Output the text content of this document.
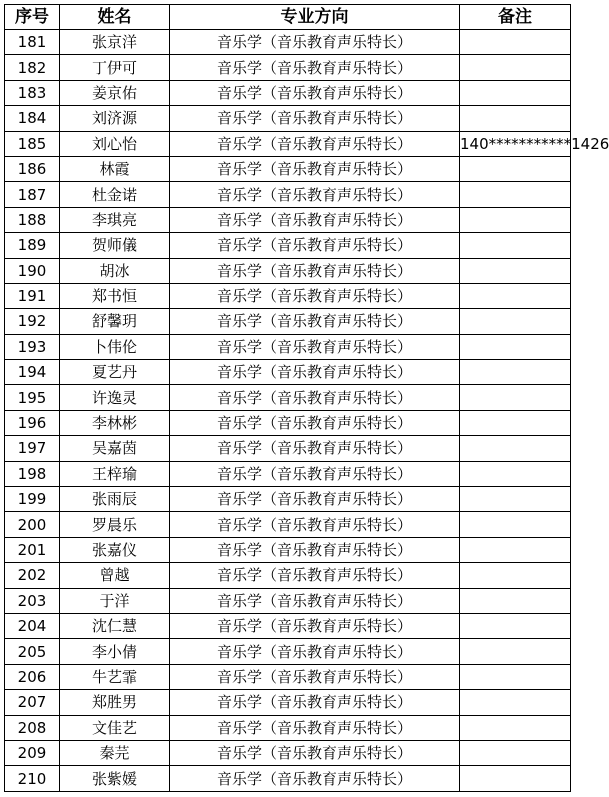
序号	姓名	专业方向	备注
181	张京洋	音乐学（音乐教育声乐特长）	
182	丁伊可	音乐学（音乐教育声乐特长）	
183	姜京佑	音乐学（音乐教育声乐特长）	
184	刘济源	音乐学（音乐教育声乐特长）	
185	刘心怡	音乐学（音乐教育声乐特长）	140***********1426
186	林霞	音乐学（音乐教育声乐特长）	
187	杜金诺	音乐学（音乐教育声乐特长）	
188	李琪亮	音乐学（音乐教育声乐特长）	
189	贺师儀	音乐学（音乐教育声乐特长）	
190	胡冰	音乐学（音乐教育声乐特长）	
191	郑书恒	音乐学（音乐教育声乐特长）	
192	舒馨玥	音乐学（音乐教育声乐特长）	
193	卜伟伦	音乐学（音乐教育声乐特长）	
194	夏艺丹	音乐学（音乐教育声乐特长）	
195	许逸灵	音乐学（音乐教育声乐特长）	
196	李林彬	音乐学（音乐教育声乐特长）	
197	吴嘉茵	音乐学（音乐教育声乐特长）	
198	王梓瑜	音乐学（音乐教育声乐特长）	
199	张雨辰	音乐学（音乐教育声乐特长）	
200	罗晨乐	音乐学（音乐教育声乐特长）	
201	张嘉仪	音乐学（音乐教育声乐特长）	
202	曾越	音乐学（音乐教育声乐特长）	
203	于洋	音乐学（音乐教育声乐特长）	
204	沈仁慧	音乐学（音乐教育声乐特长）	
205	李小倩	音乐学（音乐教育声乐特长）	
206	牛艺霏	音乐学（音乐教育声乐特长）	
207	郑胜男	音乐学（音乐教育声乐特长）	
208	文佳艺	音乐学（音乐教育声乐特长）	
209	秦芫	音乐学（音乐教育声乐特长）	
210	张紫媛	音乐学（音乐教育声乐特长）	
